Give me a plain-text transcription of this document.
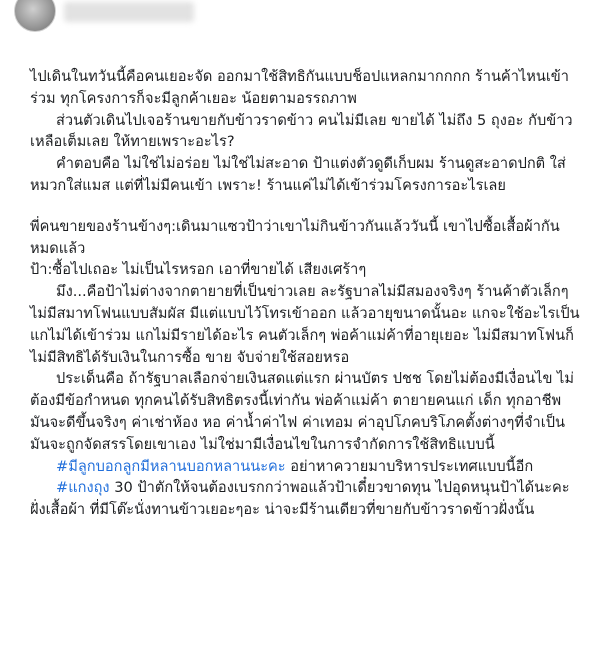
ไปเดินในทวันนี้คือคนเยอะจัด ออกมาใช้สิทธิกันแบบช็อปแหลกมากกกก ร้านค้าไหนเข้าร่วม ทุกโครงการก็จะมีลูกค้าเยอะ น้อยตามอรรถภาพ

ส่วนตัวเดินไปเจอร้านขายกับข้าวราดข้าว คนไม่มีเลย ขายได้ ไม่ถึง 5 ถุงอะ กับข้าวเหลือเต็มเลย ให้ทายเพราะอะไร?

คำตอบคือ ไม่ใช่ไม่อร่อย ไม่ใช่ไม่สะอาด ป้าแต่งตัวดูดีเก็บผม ร้านดูสะอาดปกติ ใส่หมวกใส่แมส แต่ที่ไม่มีคนเข้า เพราะ! ร้านแค่ไม่ได้เข้าร่วมโครงการอะไรเลย

พี่คนขายของร้านข้างๆ:เดินมาแซวป้าว่าเขาไม่กินข้าวกันแล้ววันนี้ เขาไปซื้อเสื้อผ้ากันหมดแล้ว

ป้า:ซื้อไปเถอะ ไม่เป็นไรหรอก เอาที่ขายได้ เสียงเศร้าๆ

มึง...คือป้าไม่ต่างจากตายายที่เป็นข่าวเลย ละรัฐบาลไม่มีสมองจริงๆ ร้านค้าตัวเล็กๆ ไม่มีสมาทโฟนแบบสัมผัส มีแต่แบบไว้โทรเข้าออก แล้วอายุขนาดนั้นอะ แกจะใช้อะไรเป็น แกไม่ได้เข้าร่วม แกไม่มีรายได้อะไร คนตัวเล็กๆ พ่อค้าแม่ค้าที่อายุเยอะ ไม่มีสมาทโฟนก็ไม่มีสิทธิได้รับเงินในการซื้อ ขาย จับจ่ายใช้สอยหรอ

ประเด็นคือ ถ้ารัฐบาลเลือกจ่ายเงินสดแต่แรก ผ่านบัตร ปชช โดยไม่ต้องมีเงื่อนไข ไม่ต้องมีข้อกำหนด ทุกคนได้รับสิทธิตรงนี้เท่ากัน พ่อค้าแม่ค้า ตายายคนแก่ เด็ก ทุกอาชีพมันจะดีขึ้นจริงๆ ค่าเช่าห้อง หอ ค่าน้ำค่าไฟ ค่าเทอม ค่าอุปโภคบริโภคตั้งต่างๆที่จำเป็นมันจะถูกจัดสรรโดยเขาเอง ไม่ใช่มามีเงื่อนไขในการจำกัดการใช้สิทธิแบบนี้

#มีลูกบอกลูกมีหลานบอกหลานนะคะ อย่าหาควายมาบริหารประเทศแบบนี้อีก

#แกงถุง 30 ป้าตักให้จนต้องเบรกกว่าพอแล้วป้าเดี๋ยวขาดทุน ไปอุดหนุนป้าได้นะคะ ฝั่งเสื้อผ้า ที่มีโต๊ะนั่งทานข้าวเยอะๆอะ น่าจะมีร้านเดียวที่ขายกับข้าวราดข้าวฝั่งนั้น
